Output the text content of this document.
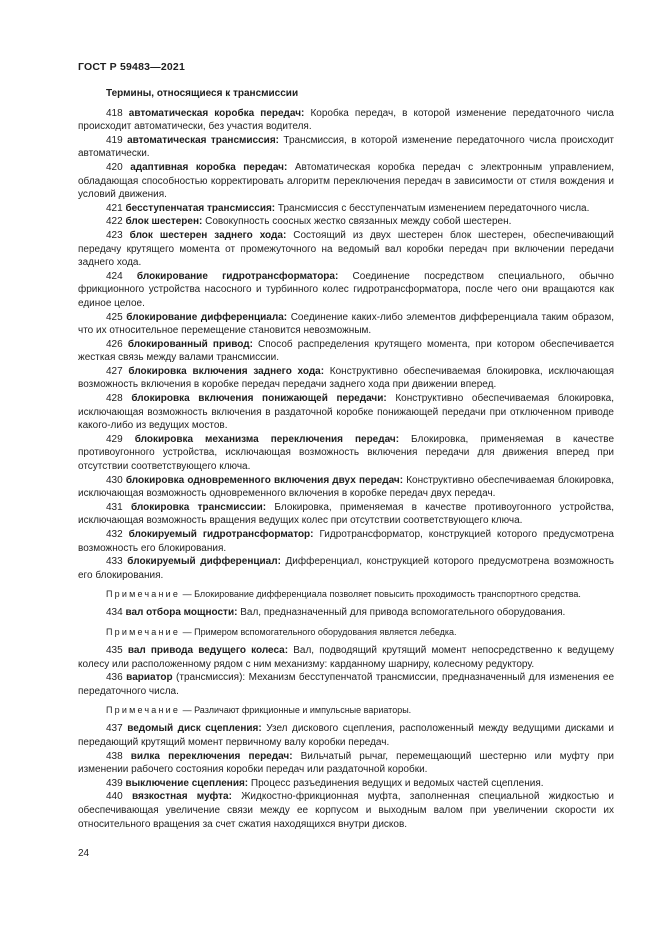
ГОСТ Р 59483—2021

Термины, относящиеся к трансмиссии

418 автоматическая коробка передач: Коробка передач, в которой изменение передаточного числа происходит автоматически, без участия водителя.

419 автоматическая трансмиссия: Трансмиссия, в которой изменение передаточного числа происходит автоматически.

420 адаптивная коробка передач: Автоматическая коробка передач с электронным управлением, обладающая способностью корректировать алгоритм переключения передач в зависимости от стиля вождения и условий движения.

421 бесступенчатая трансмиссия: Трансмиссия с бесступенчатым изменением передаточного числа.

422 блок шестерен: Совокупность соосных жестко связанных между собой шестерен.

423 блок шестерен заднего хода: Состоящий из двух шестерен блок шестерен, обеспечивающий передачу крутящего момента от промежуточного на ведомый вал коробки передач при включении передачи заднего хода.

424 блокирование гидротрансформатора: Соединение посредством специального, обычно фрикционного устройства насосного и турбинного колес гидротрансформатора, после чего они вращаются как единое целое.

425 блокирование дифференциала: Соединение каких-либо элементов дифференциала таким образом, что их относительное перемещение становится невозможным.

426 блокированный привод: Способ распределения крутящего момента, при котором обеспечивается жесткая связь между валами трансмиссии.

427 блокировка включения заднего хода: Конструктивно обеспечиваемая блокировка, исключающая возможность включения в коробке передач передачи заднего хода при движении вперед.

428 блокировка включения понижающей передачи: Конструктивно обеспечиваемая блокировка, исключающая возможность включения в раздаточной коробке понижающей передачи при отключенном приводе какого-либо из ведущих мостов.

429 блокировка механизма переключения передач: Блокировка, применяемая в качестве противоугонного устройства, исключающая возможность включения передачи для движения вперед при отсутствии соответствующего ключа.

430 блокировка одновременного включения двух передач: Конструктивно обеспечиваемая блокировка, исключающая возможность одновременного включения в коробке передач двух передач.

431 блокировка трансмиссии: Блокировка, применяемая в качестве противоугонного устройства, исключающая возможность вращения ведущих колес при отсутствии соответствующего ключа.

432 блокируемый гидротрансформатор: Гидротрансформатор, конструкцией которого предусмотрена возможность его блокирования.

433 блокируемый дифференциал: Дифференциал, конструкцией которого предусмотрена возможность его блокирования.

Примечание — Блокирование дифференциала позволяет повысить проходимость транспортного средства.

434 вал отбора мощности: Вал, предназначенный для привода вспомогательного оборудования.

Примечание — Примером вспомогательного оборудования является лебедка.

435 вал привода ведущего колеса: Вал, подводящий крутящий момент непосредственно к ведущему колесу или расположенному рядом с ним механизму: карданному шарниру, колесному редуктору.

436 вариатор (трансмиссия): Механизм бесступенчатой трансмиссии, предназначенный для изменения ее передаточного числа.

Примечание — Различают фрикционные и импульсные вариаторы.

437 ведомый диск сцепления: Узел дискового сцепления, расположенный между ведущими дисками и передающий крутящий момент первичному валу коробки передач.

438 вилка переключения передач: Вильчатый рычаг, перемещающий шестерню или муфту при изменении рабочего состояния коробки передач или раздаточной коробки.

439 выключение сцепления: Процесс разъединения ведущих и ведомых частей сцепления.

440 вязкостная муфта: Жидкостно-фрикционная муфта, заполненная специальной жидкостью и обеспечивающая увеличение связи между ее корпусом и выходным валом при увеличении скорости их относительного вращения за счет сжатия находящихся внутри дисков.

24
